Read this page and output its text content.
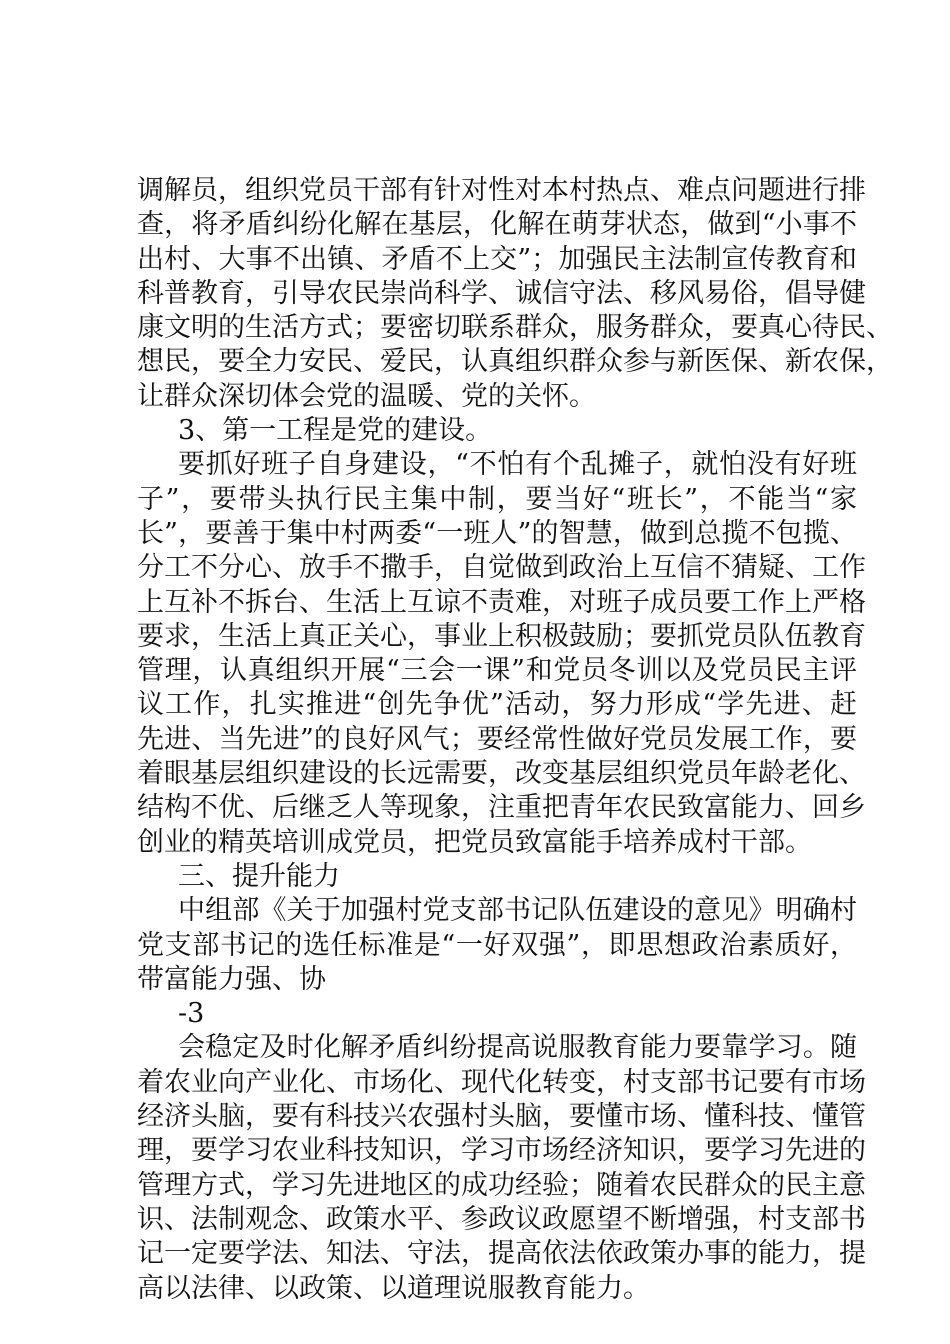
调解员，组织党员干部有针对性对本村热点、难点问题进行排
查，将矛盾纠纷化解在基层，化解在萌芽状态，做到“小事不
出村、大事不出镇、矛盾不上交”；加强民主法制宣传教育和
科普教育，引导农民崇尚科学、诚信守法、移风易俗，倡导健
康文明的生活方式；要密切联系群众，服务群众，要真心待民、
想民，要全力安民、爱民，认真组织群众参与新医保、新农保，
让群众深切体会党的温暖、党的关怀。
3、第一工程是党的建设。
要抓好班子自身建设，“不怕有个乱摊子，就怕没有好班
子”，要带头执行民主集中制，要当好“班长”，不能当“家
长”，要善于集中村两委“一班人”的智慧，做到总揽不包揽、
分工不分心、放手不撒手，自觉做到政治上互信不猜疑、工作
上互补不拆台、生活上互谅不责难，对班子成员要工作上严格
要求，生活上真正关心，事业上积极鼓励；要抓党员队伍教育
管理，认真组织开展“三会一课”和党员冬训以及党员民主评
议工作，扎实推进“创先争优”活动，努力形成“学先进、赶
先进、当先进”的良好风气；要经常性做好党员发展工作，要
着眼基层组织建设的长远需要，改变基层组织党员年龄老化、
结构不优、后继乏人等现象，注重把青年农民致富能力、回乡
创业的精英培训成党员，把党员致富能手培养成村干部。
三、提升能力
中组部《关于加强村党支部书记队伍建设的意见》明确村
党支部书记的选任标准是“一好双强”，即思想政治素质好，
带富能力强、协
-3
会稳定及时化解矛盾纠纷提高说服教育能力要靠学习。随
着农业向产业化、市场化、现代化转变，村支部书记要有市场
经济头脑，要有科技兴农强村头脑，要懂市场、懂科技、懂管
理，要学习农业科技知识，学习市场经济知识，要学习先进的
管理方式，学习先进地区的成功经验；随着农民群众的民主意
识、法制观念、政策水平、参政议政愿望不断增强，村支部书
记一定要学法、知法、守法，提高依法依政策办事的能力，提
高以法律、以政策、以道理说服教育能力。
